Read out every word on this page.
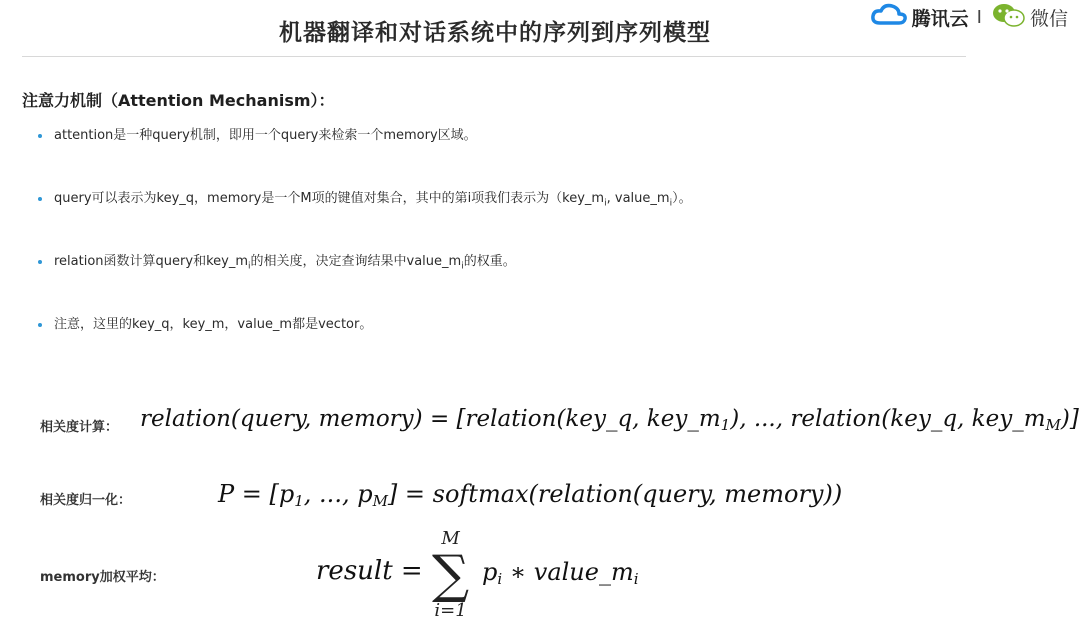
机器翻译和对话系统中的序列到序列模型
腾讯云 I	微信
注意力机制（Attention Mechanism）：
attention是一种query机制，即用一个query来检索一个memory区域。
query可以表示为key_q，memory是一个M项的键值对集合，其中的第i项我们表示为（$key\_m_i$, $value\_m_i$）。
relation函数计算query和$key\_m_i$的相关度，决定查询结果中$value\_m_i$的权重。
注意，这里的key_q，key_m，value_m都是vector。
相关度计算： relation(query, memory) = [relation(key_q, $key\_m_1$), ..., relation(key_q, $key\_m_M$)]
相关度归一化：	$P = [p_1$, ..., $p_M$] = softmax(relation(query, memory))
memory加权平均：	result =
M
∑
i=1
$p_i$ ∗ $value\_m_i$
